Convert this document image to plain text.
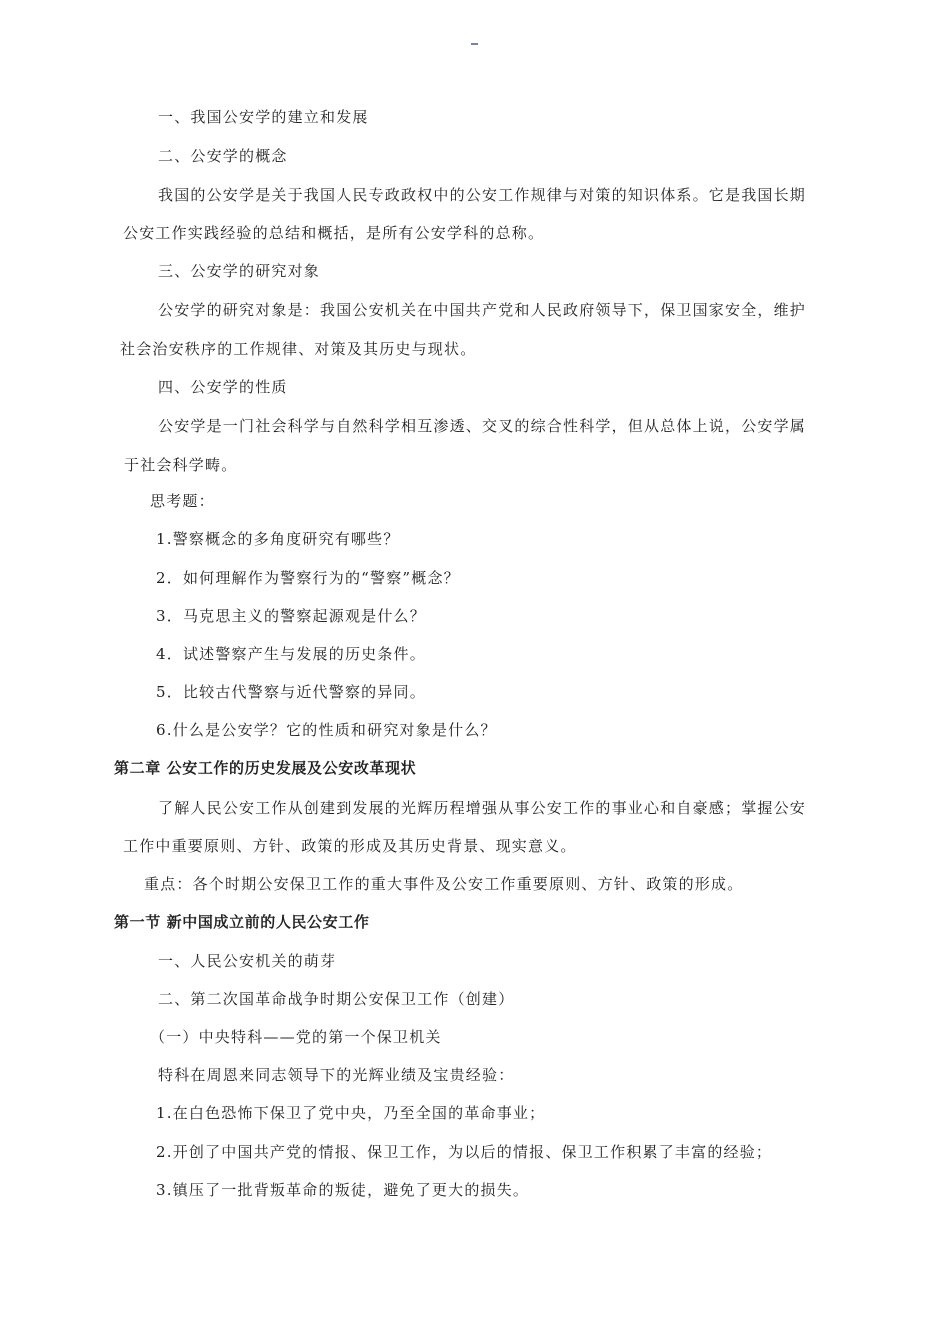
一、我国公安学的建立和发展
二、公安学的概念
我国的公安学是关于我国人民专政政权中的公安工作规律与对策的知识体系。它是我国长期
公安工作实践经验的总结和概括，是所有公安学科的总称。
三、公安学的研究对象
公安学的研究对象是：我国公安机关在中国共产党和人民政府领导下，保卫国家安全，维护
社会治安秩序的工作规律、对策及其历史与现状。
四、公安学的性质
公安学是一门社会科学与自然科学相互渗透、交叉的综合性科学，但从总体上说，公安学属
于社会科学畴。
思考题：
1.警察概念的多角度研究有哪些？
2．如何理解作为警察行为的“警察”概念？
3．马克思主义的警察起源观是什么？
4．试述警察产生与发展的历史条件。
5．比较古代警察与近代警察的异同。
6.什么是公安学？它的性质和研究对象是什么？
第二章 公安工作的历史发展及公安改革现状
了解人民公安工作从创建到发展的光辉历程增强从事公安工作的事业心和自豪感；掌握公安
工作中重要原则、方针、政策的形成及其历史背景、现实意义。
重点：各个时期公安保卫工作的重大事件及公安工作重要原则、方针、政策的形成。
第一节 新中国成立前的人民公安工作
一、人民公安机关的萌芽
二、第二次国革命战争时期公安保卫工作（创建）
（一）中央特科——党的第一个保卫机关
特科在周恩来同志领导下的光辉业绩及宝贵经验：
1.在白色恐怖下保卫了党中央，乃至全国的革命事业；
2.开创了中国共产党的情报、保卫工作，为以后的情报、保卫工作积累了丰富的经验；
3.镇压了一批背叛革命的叛徒，避免了更大的损失。
